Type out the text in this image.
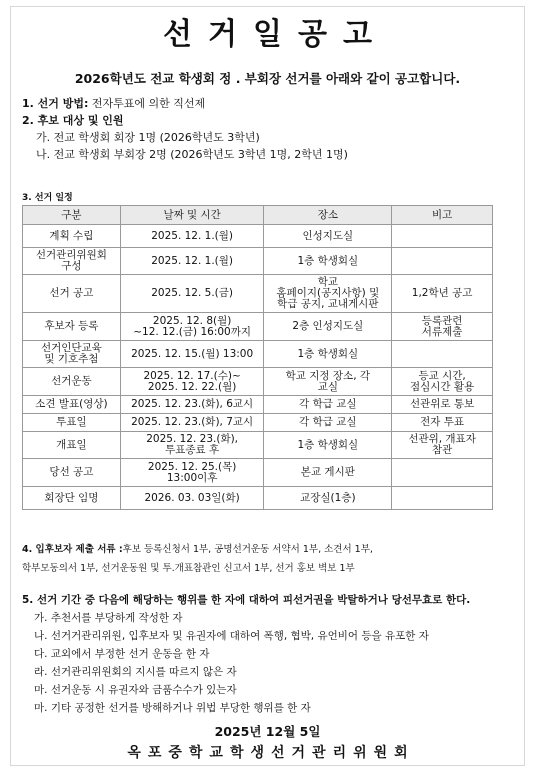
선거일공고
2026학년도 전교 학생회 정 . 부회장 선거를 아래와 같이 공고합니다.
1. 선거 방법: 전자투표에 의한 직선제
2. 후보 대상 및 인원
가. 전교 학생회 회장 1명 (2026학년도 3학년)
나. 전교 학생회 부회장 2명 (2026학년도 3학년 1명, 2학년 1명)
3. 선거 일정
구분	날짜 및 시간	장소	비고
계획 수립	2025. 12. 1.(월)	인성지도실	
선거관리위원회
구성	2025. 12. 1.(월)	1층 학생회실	
선거 공고	2025. 12. 5.(금)	학교
홈페이지(공지사항) 및
학급 공지, 교내게시판	1,2학년 공고
후보자 등록	2025. 12. 8(월)
~12. 12.(금) 16:00까지	2층 인성지도실	등록관련
서류제출
선거인단교육
및 기호추첨	2025. 12. 15.(월) 13:00	1층 학생회실	
선거운동	2025. 12. 17.(수)~
2025. 12. 22.(월)	학교 지정 장소, 각
교실	등교 시간,
점심시간 활용
소견 발표(영상)	2025. 12. 23.(화), 6교시	각 학급 교실	선관위로 통보
투표일	2025. 12. 23.(화), 7교시	각 학급 교실	전자 투표
개표일	2025. 12. 23.(화),
투표종료 후	1층 학생회실	선관위, 개표자
참관
당선 공고	2025. 12. 25.(목)
13:00이후	본교 게시판	
회장단 임명	2026. 03. 03일(화)	교장실(1층)	
4. 입후보자 제출 서류 :후보 등록신청서 1부, 공명선거운동 서약서 1부, 소견서 1부,
학부모동의서 1부, 선거운동원 및 투.개표참관인 신고서 1부, 선거 홍보 벽보 1부
5. 선거 기간 중 다음에 해당하는 행위를 한 자에 대하여 피선거권을 박탈하거나 당선무효로 한다.
가. 추천서를 부당하게 작성한 자
나. 선거거관리위원, 입후보자 및 유권자에 대하여 폭행, 협박, 유언비어 등을 유포한 자
다. 교외에서 부정한 선거 운동을 한 자
라. 선거관리위원회의 지시를 따르지 않은 자
마. 선거운동 시 유권자와 금품수수가 있는자
마. 기타 공정한 선거를 방해하거나 위법 부당한 행위를 한 자
2025년 12월 5일
옥포중학교학생선거관리위원회
